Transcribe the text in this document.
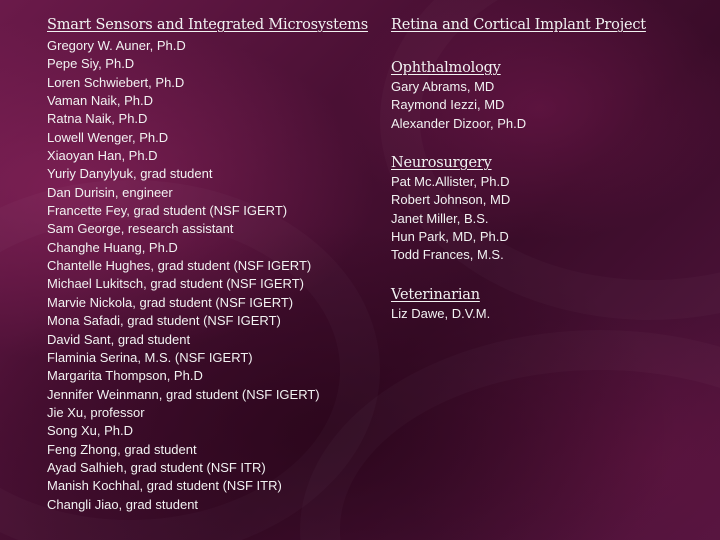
Smart Sensors and Integrated Microsystems
Gregory W. Auner, Ph.D
Pepe Siy, Ph.D
Loren Schwiebert, Ph.D
Vaman Naik, Ph.D
Ratna Naik, Ph.D
Lowell Wenger, Ph.D
Xiaoyan Han, Ph.D
Yuriy Danylyuk, grad student
Dan Durisin, engineer
Francette Fey, grad student (NSF IGERT)
Sam George, research assistant
Changhe Huang, Ph.D
Chantelle Hughes, grad student (NSF IGERT)
Michael Lukitsch, grad student (NSF IGERT)
Marvie Nickola, grad student (NSF IGERT)
Mona Safadi, grad student (NSF IGERT)
David Sant, grad student
Flaminia Serina, M.S. (NSF IGERT)
Margarita Thompson, Ph.D
Jennifer Weinmann, grad student (NSF IGERT)
Jie Xu, professor
Song Xu, Ph.D
Feng Zhong, grad student
Ayad Salhieh, grad student (NSF ITR)
Manish Kochhal, grad student (NSF ITR)
Changli Jiao, grad student
Retina and Cortical Implant Project
Ophthalmology
Gary Abrams, MD
Raymond Iezzi, MD
Alexander Dizoor, Ph.D
Neurosurgery
Pat Mc.Allister, Ph.D
Robert Johnson, MD
Janet Miller, B.S.
Hun Park, MD, Ph.D
Todd Frances, M.S.
Veterinarian
Liz Dawe, D.V.M.
